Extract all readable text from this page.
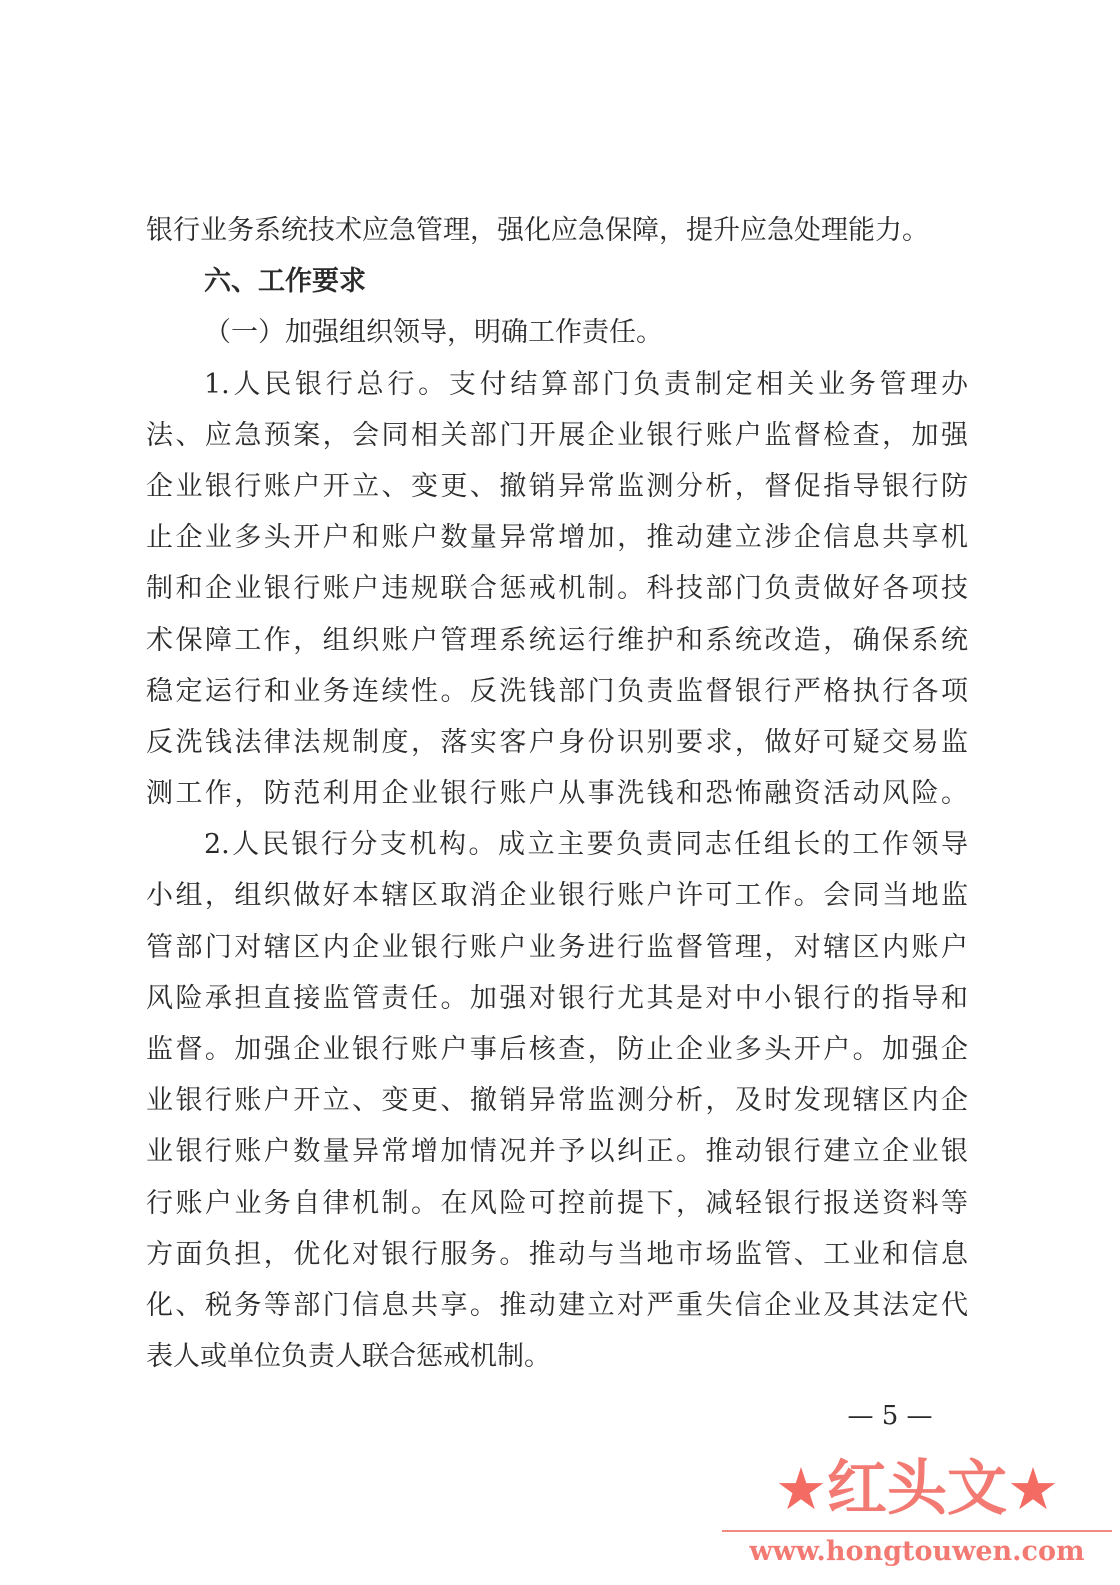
银行业务系统技术应急管理，强化应急保障，提升应急处理能力。
六、工作要求
（一）加强组织领导，明确工作责任。
1.人民银行总行。支付结算部门负责制定相关业务管理办
法、应急预案，会同相关部门开展企业银行账户监督检查，加强
企业银行账户开立、变更、撤销异常监测分析，督促指导银行防
止企业多头开户和账户数量异常增加，推动建立涉企信息共享机
制和企业银行账户违规联合惩戒机制。科技部门负责做好各项技
术保障工作，组织账户管理系统运行维护和系统改造，确保系统
稳定运行和业务连续性。反洗钱部门负责监督银行严格执行各项
反洗钱法律法规制度，落实客户身份识别要求，做好可疑交易监
测工作，防范利用企业银行账户从事洗钱和恐怖融资活动风险。
2.人民银行分支机构。成立主要负责同志任组长的工作领导
小组，组织做好本辖区取消企业银行账户许可工作。会同当地监
管部门对辖区内企业银行账户业务进行监督管理，对辖区内账户
风险承担直接监管责任。加强对银行尤其是对中小银行的指导和
监督。加强企业银行账户事后核查，防止企业多头开户。加强企
业银行账户开立、变更、撤销异常监测分析，及时发现辖区内企
业银行账户数量异常增加情况并予以纠正。推动银行建立企业银
行账户业务自律机制。在风险可控前提下，减轻银行报送资料等
方面负担，优化对银行服务。推动与当地市场监管、工业和信息
化、税务等部门信息共享。推动建立对严重失信企业及其法定代
表人或单位负责人联合惩戒机制。
— 5 —
★红头文★
www.hongtouwen.com
